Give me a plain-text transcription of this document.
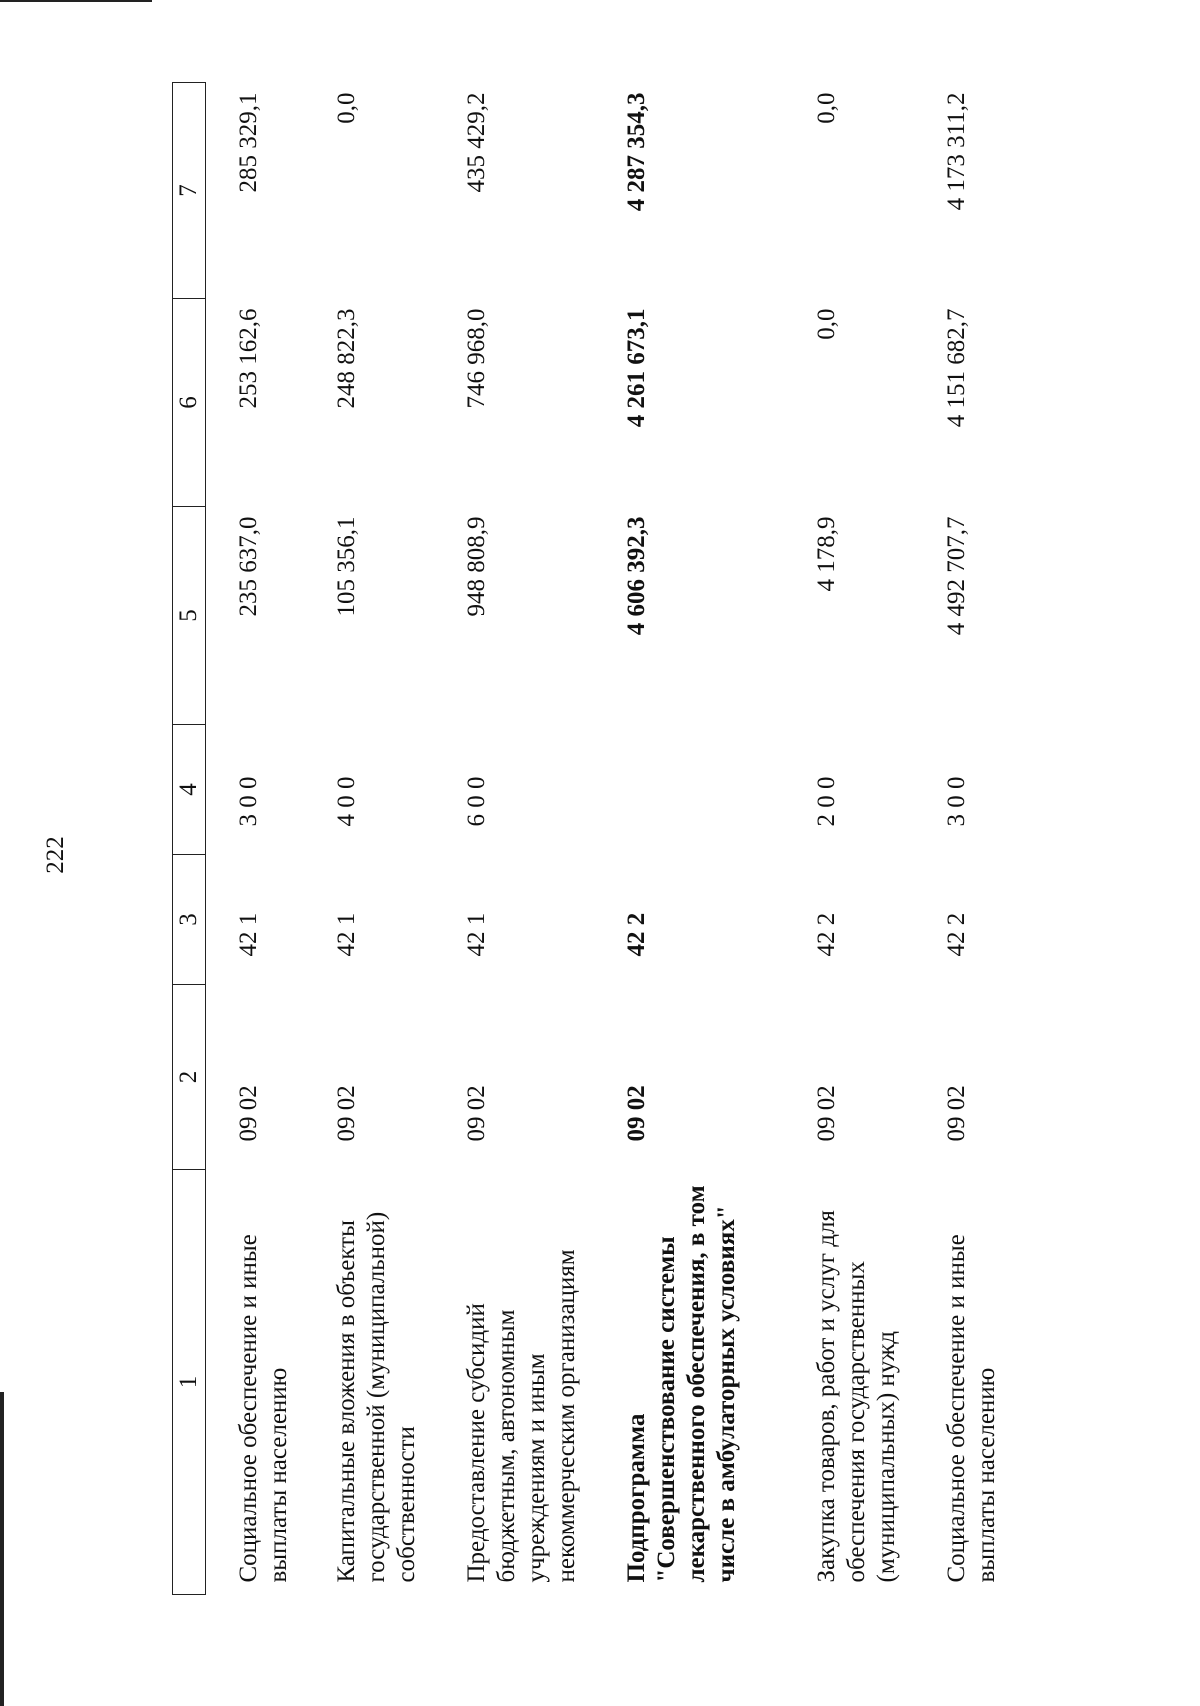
222
1	2	3	4	5	6	7
Социальное обеспечение и иные выплаты населению	09 02	42 1	3 0 0	235 637,0	253 162,6	285 329,1
Капитальные вложения в объекты государственной (муниципальной) собственности	09 02	42 1	4 0 0	105 356,1	248 822,3	0,0
Предоставление субсидий бюджетным, автономным учреждениям и иным некоммерческим организациям	09 02	42 1	6 0 0	948 808,9	746 968,0	435 429,2
Подпрограмма "Совершенствование системы лекарственного обеспечения, в том числе в амбулаторных условиях"	09 02	42 2		4 606 392,3	4 261 673,1	4 287 354,3
Закупка товаров, работ и услуг для обеспечения государственных (муниципальных) нужд	09 02	42 2	2 0 0	4 178,9	0,0	0,0
Социальное обеспечение и иные выплаты населению	09 02	42 2	3 0 0	4 492 707,7	4 151 682,7	4 173 311,2
